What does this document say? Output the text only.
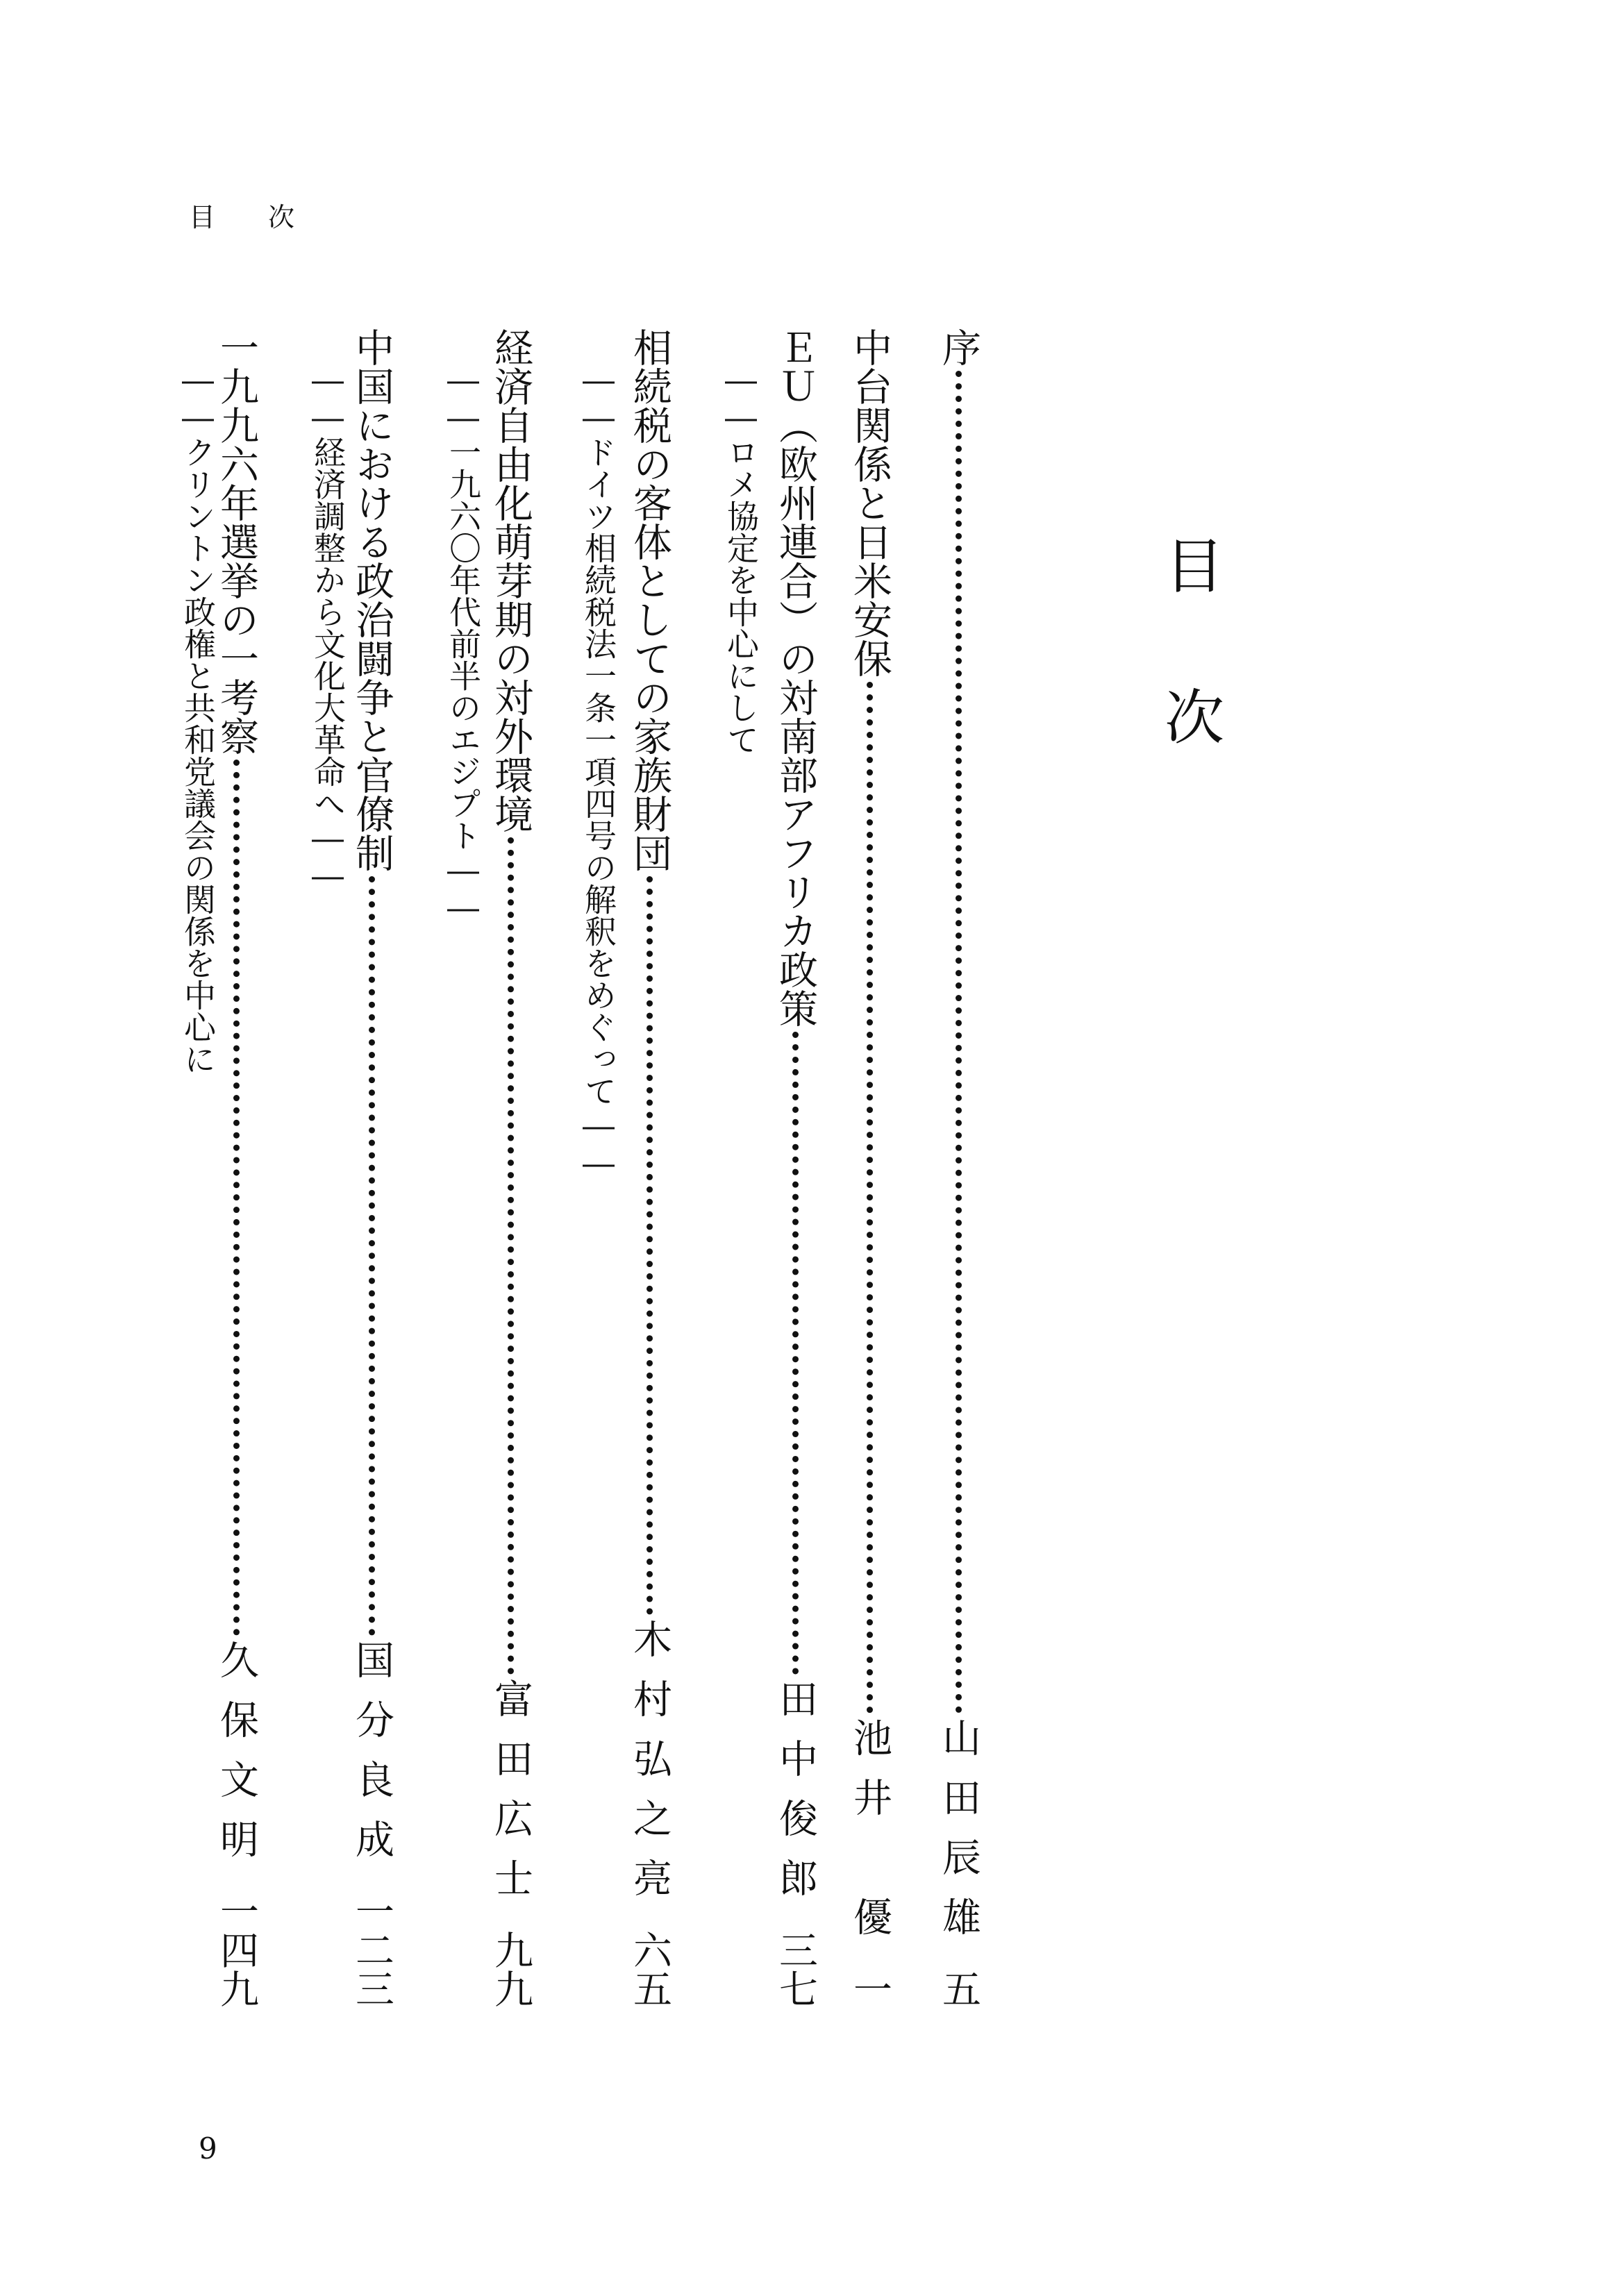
目　　次
目次
序
山田辰雄
五
中台関係と日米安保
池井　優
一
ＥＵ（欧州連合）の対南部アフリカ政策
田中俊郎
三七
――ロメ協定を中心にして
相続税の客体としての家族財団
木村弘之亮
六五
――ドイツ相続税法一条一項四号の解釈をめぐって――
経済自由化萌芽期の対外環境
富田広士
九九
――一九六〇年代前半のエジプト――
中国における政治闘争と官僚制
国分良成
一二三
――経済調整から文化大革命へ――
一九九六年選挙の一考察
久保文明
一四九
――クリントン政権と共和党議会の関係を中心に
9
